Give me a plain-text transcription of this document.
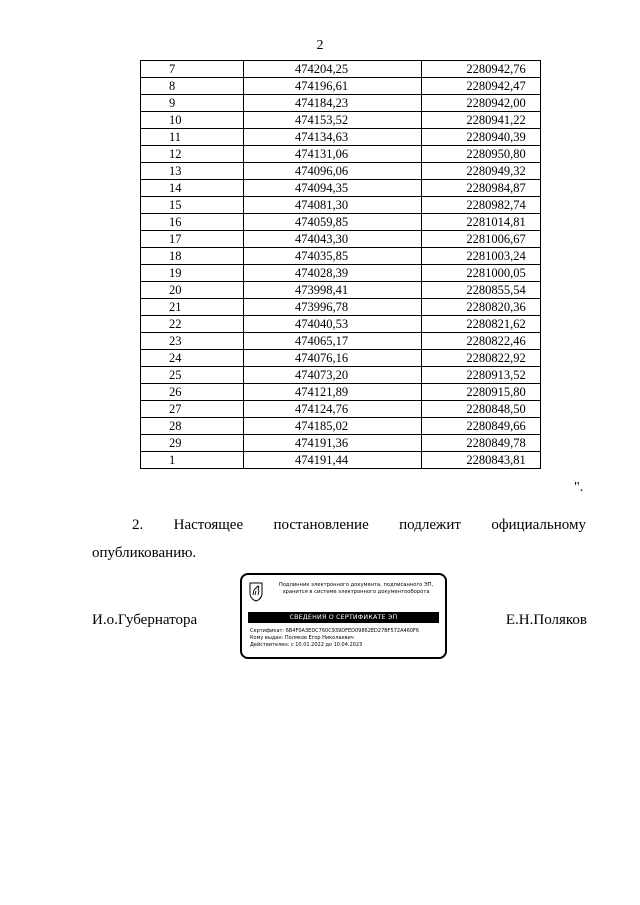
2
7	474204,25	2280942,76
8	474196,61	2280942,47
9	474184,23	2280942,00
10	474153,52	2280941,22
11	474134,63	2280940,39
12	474131,06	2280950,80
13	474096,06	2280949,32
14	474094,35	2280984,87
15	474081,30	2280982,74
16	474059,85	2281014,81
17	474043,30	2281006,67
18	474035,85	2281003,24
19	474028,39	2281000,05
20	473998,41	2280855,54
21	473996,78	2280820,36
22	474040,53	2280821,62
23	474065,17	2280822,46
24	474076,16	2280822,92
25	474073,20	2280913,52
26	474121,89	2280915,80
27	474124,76	2280848,50
28	474185,02	2280849,66
29	474191,36	2280849,78
1	474191,44	2280843,81
".
2. Настоящее постановление подлежит официальному
опубликованию.
И.о.Губернатора	Е.Н.Поляков
Подлинник электронного документа, подписанного ЭП,
хранится в системе электронного документооборота
СВЕДЕНИЯ О СЕРТИФИКАТЕ ЭП
Сертификат: 6B4F0A3EDC760C939DFED09862ED27BF572A460F6
Кому выдан: Поляков Егор Николаевич
Действителен: с 10.01.2022 до 10.04.2023
